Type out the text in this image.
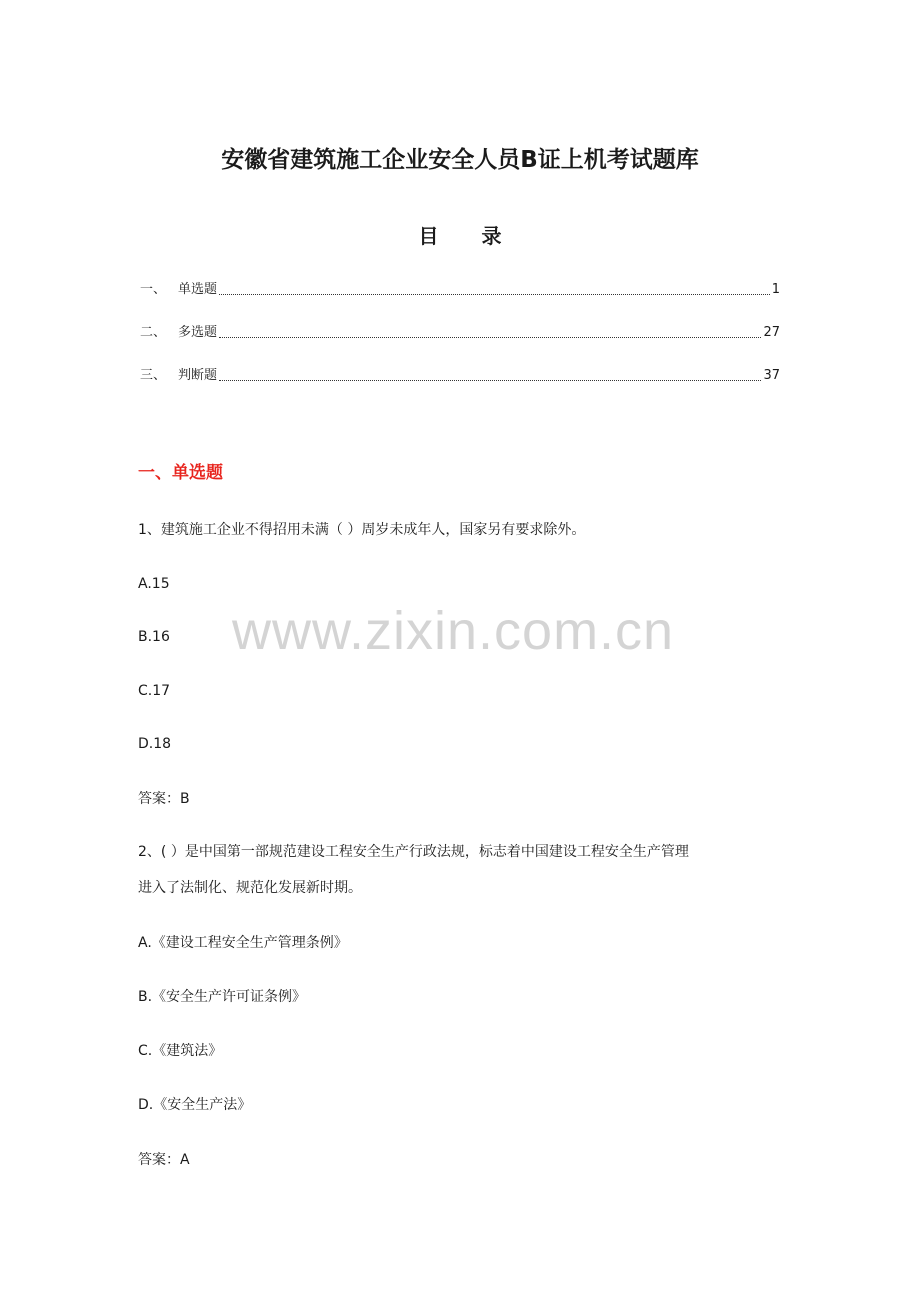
安徽省建筑施工企业安全人员B证上机考试题库
目 录
一、 单选题	1
二、 多选题	27
三、 判断题	37
一、单选题
1、建筑施工企业不得招用未满（ ）周岁未成年人，国家另有要求除外。
A.15
B.16
C.17
D.18
答案：B
2、( ）是中国第一部规范建设工程安全生产行政法规，标志着中国建设工程安全生产管理
进入了法制化、规范化发展新时期。
A.《建设工程安全生产管理条例》
B.《安全生产许可证条例》
C.《建筑法》
D.《安全生产法》
答案：A
www.zixin.com.cn
